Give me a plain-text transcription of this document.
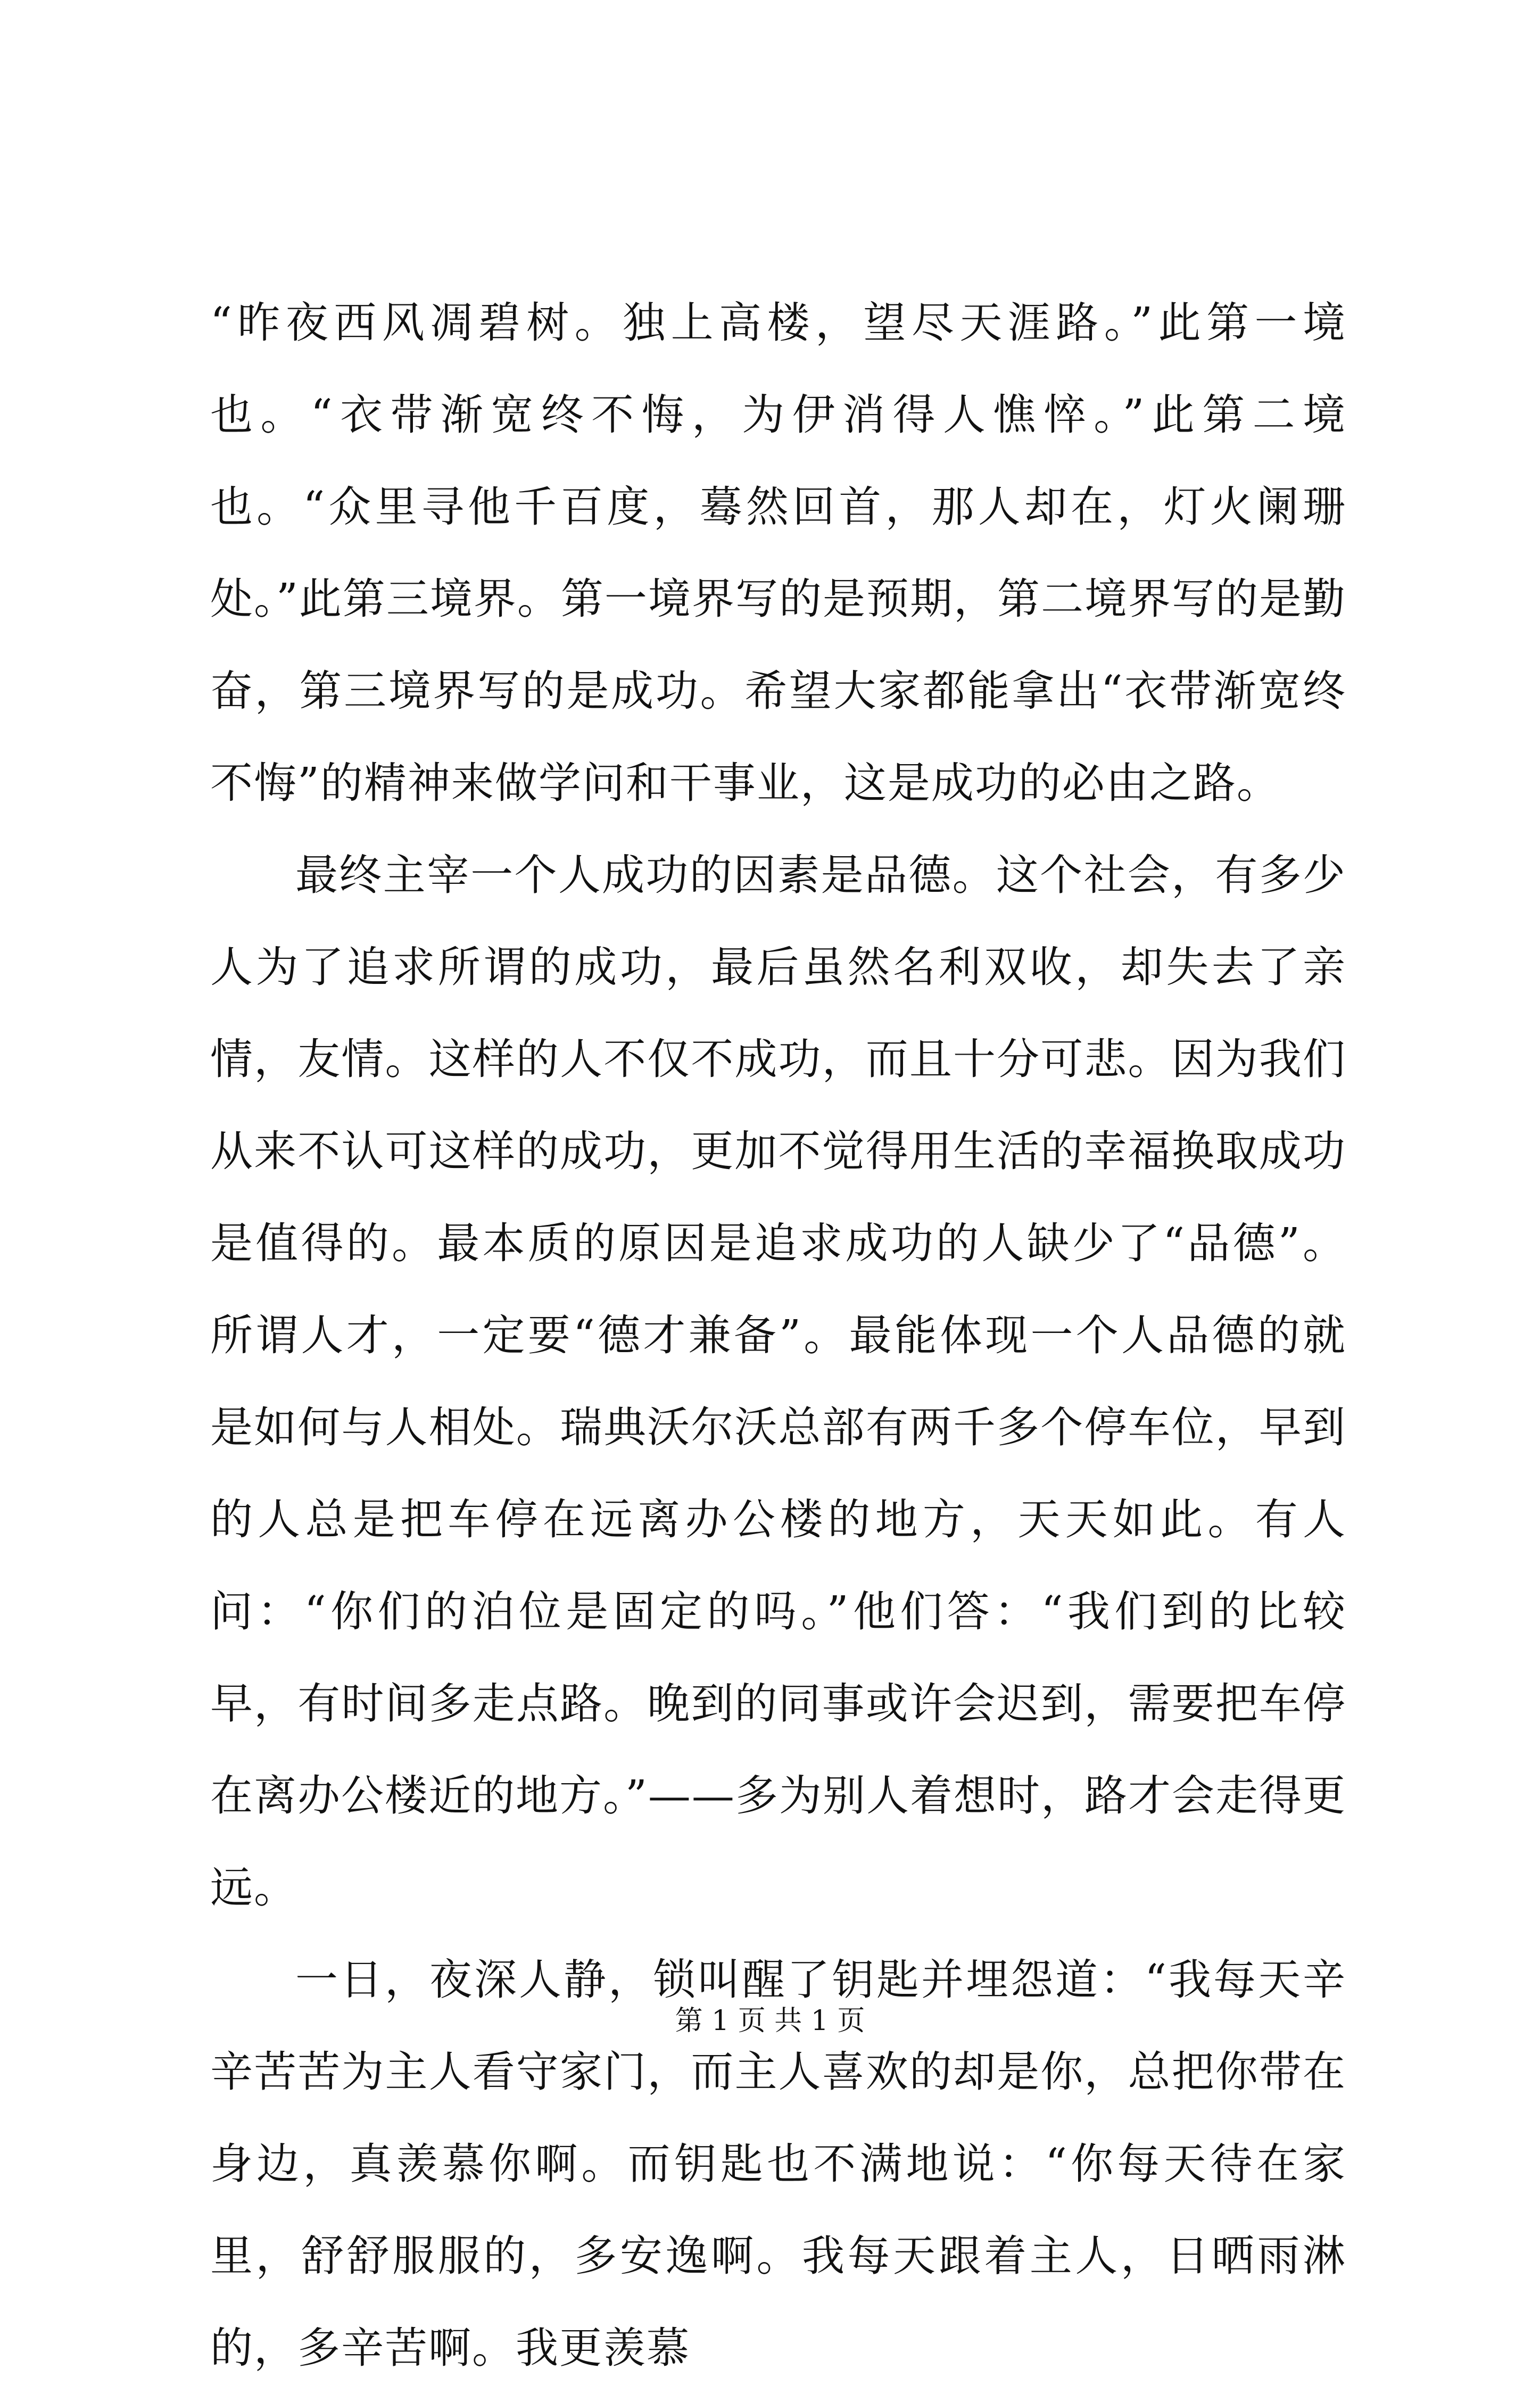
“昨夜西风凋碧树。独上高楼，望尽天涯路。”此第一境也。“衣带渐宽终不悔，为伊消得人憔悴。”此第二境也。“众里寻他千百度，蓦然回首，那人却在，灯火阑珊处。”此第三境界。第一境界写的是预期，第二境界写的是勤奋，第三境界写的是成功。希望大家都能拿出“衣带渐宽终不悔”的精神来做学问和干事业，这是成功的必由之路。

最终主宰一个人成功的因素是品德。这个社会，有多少人为了追求所谓的成功，最后虽然名利双收，却失去了亲情，友情。这样的人不仅不成功，而且十分可悲。因为我们从来不认可这样的成功，更加不觉得用生活的幸福换取成功是值得的。最本质的原因是追求成功的人缺少了“品德”。所谓人才，一定要“德才兼备”。最能体现一个人品德的就是如何与人相处。瑞典沃尔沃总部有两千多个停车位，早到的人总是把车停在远离办公楼的地方，天天如此。有人问：“你们的泊位是固定的吗。”他们答：“我们到的比较早，有时间多走点路。晚到的同事或许会迟到，需要把车停在离办公楼近的地方。”——多为别人着想时，路才会走得更远。

一日，夜深人静，锁叫醒了钥匙并埋怨道：“我每天辛辛苦苦为主人看守家门，而主人喜欢的却是你，总把你带在身边，真羡慕你啊。而钥匙也不满地说：“你每天待在家里，舒舒服服的，多安逸啊。我每天跟着主人，日晒雨淋的，多辛苦啊。我更羡慕

第 1 页 共 1 页
